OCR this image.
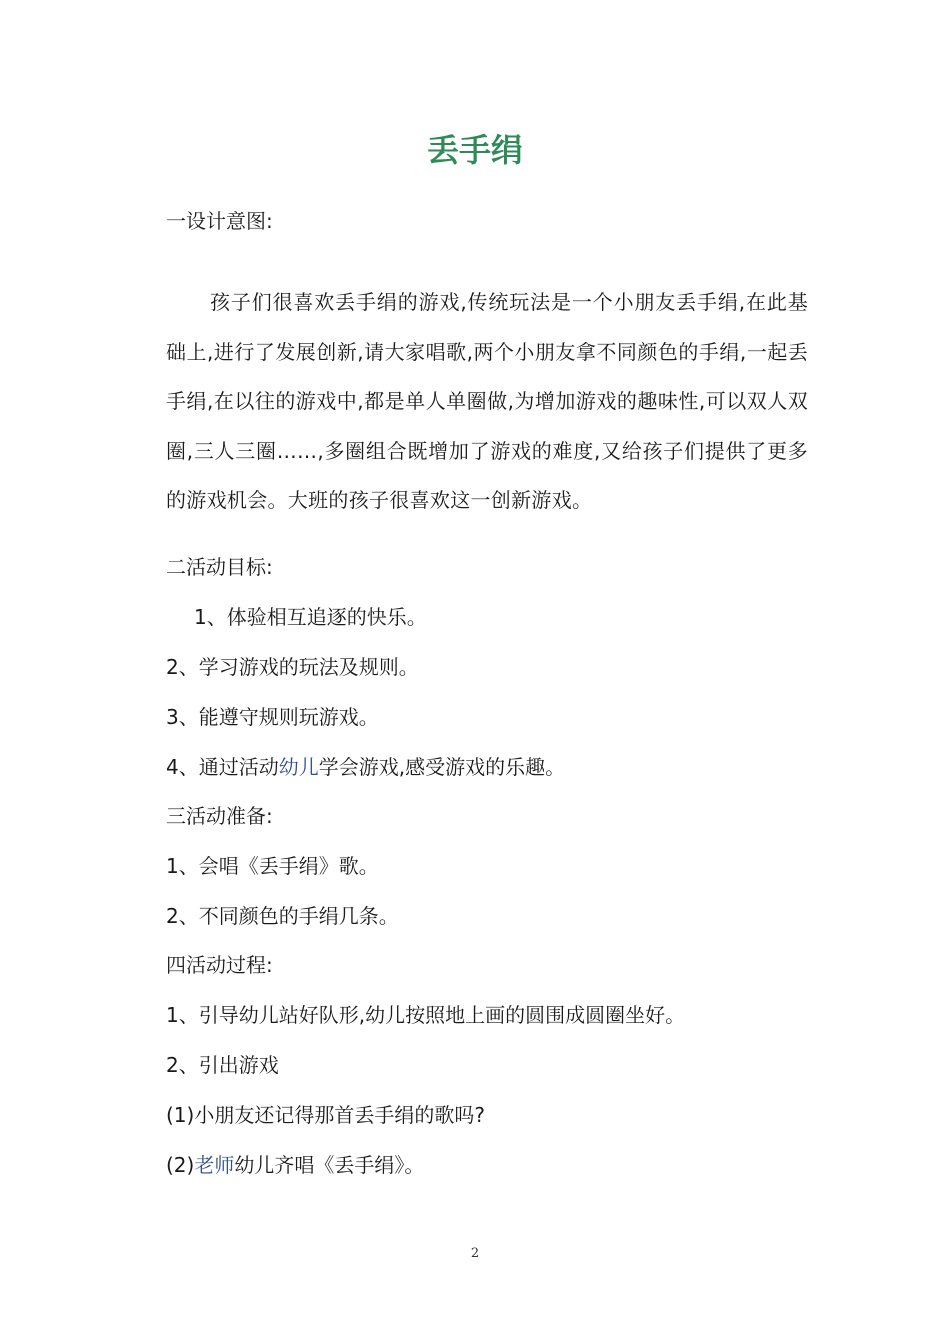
丢手绢
一设计意图:
孩子们很喜欢丢手绢的游戏,传统玩法是一个小朋友丢手绢,在此基础上,进行了发展创新,请大家唱歌,两个小朋友拿不同颜色的手绢,一起丢手绢,在以往的游戏中,都是单人单圈做,为增加游戏的趣味性,可以双人双圈,三人三圈……,多圈组合既增加了游戏的难度,又给孩子们提供了更多的游戏机会。大班的孩子很喜欢这一创新游戏。
二活动目标:
1、体验相互追逐的快乐。
2、学习游戏的玩法及规则。
3、能遵守规则玩游戏。
4、通过活动幼儿学会游戏,感受游戏的乐趣。
三活动准备:
1、会唱《丢手绢》歌。
2、不同颜色的手绢几条。
四活动过程:
1、引导幼儿站好队形,幼儿按照地上画的圆围成圆圈坐好。
2、引出游戏
(1)小朋友还记得那首丢手绢的歌吗?
(2)老师幼儿齐唱《丢手绢》。
2
